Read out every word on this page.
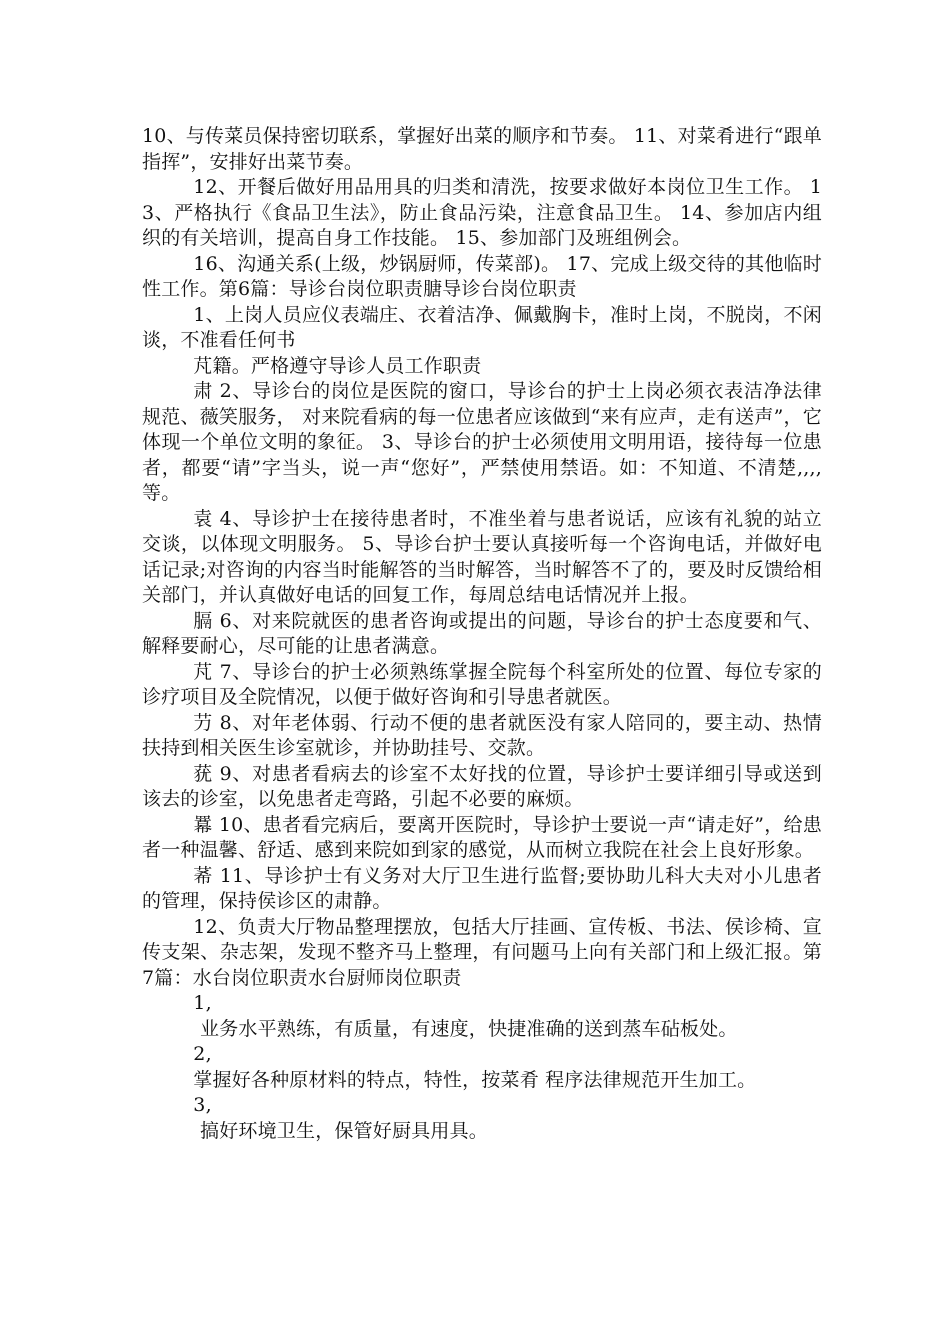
10、与传菜员保持密切联系，掌握好出菜的顺序和节奏。 11、对菜肴进行“跟单指挥”，安排好出菜节奏。

12、开餐后做好用品用具的归类和清洗，按要求做好本岗位卫生工作。 13、严格执行《食品卫生法》，防止食品污染，注意食品卫生。 14、参加店内组织的有关培训，提高自身工作技能。 15、参加部门及班组例会。

16、沟通关系(上级，炒锅厨师，传菜部)。 17、完成上级交待的其他临时性工作。第6篇：导诊台岗位职责膅导诊台岗位职责

1、上岗人员应仪表端庄、衣着洁净、佩戴胸卡，准时上岗，不脱岗，不闲谈，不准看任何书

芃籍。严格遵守导诊人员工作职责

肃 2、导诊台的岗位是医院的窗口，导诊台的护士上岗必须衣表洁净法律规范、薇笑服务， 对来院看病的每一位患者应该做到“来有应声，走有送声”，它体现一个单位文明的象征。 3、导诊台的护士必须使用文明用语，接待每一位患者，都要“请”字当头，说一声“您好”，严禁使用禁语。如：不知道、不清楚,,,,等。

袁 4、导诊护士在接待患者时，不准坐着与患者说话，应该有礼貌的站立交谈，以体现文明服务。 5、导诊台护士要认真接听每一个咨询电话，并做好电话记录;对咨询的内容当时能解答的当时解答，当时解答不了的，要及时反馈给相关部门，并认真做好电话的回复工作，每周总结电话情况并上报。

膈 6、对来院就医的患者咨询或提出的问题，导诊台的护士态度要和气、解释要耐心，尽可能的让患者满意。

芃 7、导诊台的护士必须熟练掌握全院每个科室所处的位置、每位专家的诊疗项目及全院情况，以便于做好咨询和引导患者就医。

芀 8、对年老体弱、行动不便的患者就医没有家人陪同的，要主动、热情扶持到相关医生诊室就诊，并协助挂号、交款。

莸 9、对患者看病去的诊室不太好找的位置，导诊护士要详细引导或送到该去的诊室，以免患者走弯路，引起不必要的麻烦。

羃 10、患者看完病后，要离开医院时，导诊护士要说一声“请走好”，给患者一种温馨、舒适、感到来院如到家的感觉，从而树立我院在社会上良好形象。

莃 11、导诊护士有义务对大厅卫生进行监督;要协助儿科大夫对小儿患者的管理，保持侯诊区的肃静。

12、负责大厅物品整理摆放，包括大厅挂画、宣传板、书法、侯诊椅、宣传支架、杂志架，发现不整齐马上整理，有问题马上向有关部门和上级汇报。第7篇：水台岗位职责水台厨师岗位职责

1,

业务水平熟练，有质量，有速度，快捷准确的送到蒸车砧板处。

2,

掌握好各种原材料的特点，特性，按菜肴 程序法律规范开生加工。

3,

搞好环境卫生，保管好厨具用具。
